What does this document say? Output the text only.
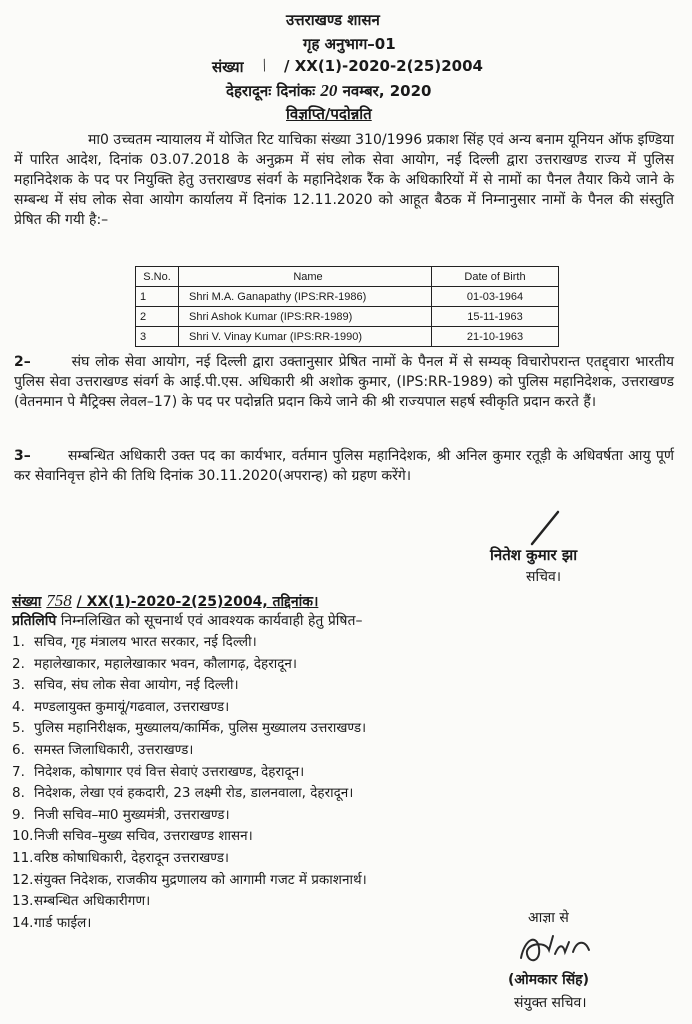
उत्तराखण्ड शासन
गृह अनुभाग–01
संख्या / / XX(1)-2020-2(25)2004
देहरादूनः दिनांकः 20 नवम्बर, 2020
विज्ञप्ति/पदोन्नति
मा0 उच्चतम न्यायालय में योजित रिट याचिका संख्या 310/1996 प्रकाश सिंह एवं अन्य बनाम यूनियन ऑफ इण्डिया में पारित आदेश, दिनांक 03.07.2018 के अनुक्रम में संघ लोक सेवा आयोग, नई दिल्ली द्वारा उत्तराखण्ड राज्य में पुलिस महानिदेशक के पद पर नियुक्ति हेतु उत्तराखण्ड संवर्ग के महानिदेशक रैंक के अधिकारियों में से नामों का पैनल तैयार किये जाने के सम्बन्ध में संघ लोक सेवा आयोग कार्यालय में दिनांक 12.11.2020 को आहूत बैठक में निम्नानुसार नामों के पैनल की संस्तुति प्रेषित की गयी है:–
S.No.	Name	Date of Birth
1	Shri M.A. Ganapathy (IPS:RR-1986)	01-03-1964
2	Shri Ashok Kumar (IPS:RR-1989)	15-11-1963
3	Shri V. Vinay Kumar (IPS:RR-1990)	21-10-1963
2–	संघ लोक सेवा आयोग, नई दिल्ली द्वारा उक्तानुसार प्रेषित नामों के पैनल में से सम्यक् विचारोपरान्त एतद्द्वारा भारतीय पुलिस सेवा उत्तराखण्ड संवर्ग के आई.पी.एस. अधिकारी श्री अशोक कुमार, (IPS:RR-1989) को पुलिस महानिदेशक, उत्तराखण्ड (वेतनमान पे मैट्रिक्स लेवल–17) के पद पर पदोन्नति प्रदान किये जाने की श्री राज्यपाल सहर्ष स्वीकृति प्रदान करते हैं।
3–	सम्बन्धित अधिकारी उक्त पद का कार्यभार, वर्तमान पुलिस महानिदेशक, श्री अनिल कुमार रतूड़ी के अधिवर्षता आयु पूर्ण कर सेवानिवृत्त होने की तिथि दिनांक 30.11.2020(अपरान्ह) को ग्रहण करेंगे।
नितेश कुमार झा
सचिव।
संख्या 758 / XX(1)-2020-2(25)2004, तद्दिनांक।
प्रतिलिपि निम्नलिखित को सूचनार्थ एवं आवश्यक कार्यवाही हेतु प्रेषित–
1. सचिव, गृह मंत्रालय भारत सरकार, नई दिल्ली।
2. महालेखाकार, महालेखाकार भवन, कौलागढ़, देहरादून।
3. सचिव, संघ लोक सेवा आयोग, नई दिल्ली।
4. मण्डलायुक्त कुमायूं/गढवाल, उत्तराखण्ड।
5. पुलिस महानिरीक्षक, मुख्यालय/कार्मिक, पुलिस मुख्यालय उत्तराखण्ड।
6. समस्त जिलाधिकारी, उत्तराखण्ड।
7. निदेशक, कोषागार एवं वित्त सेवाएं उत्तराखण्ड, देहरादून।
8. निदेशक, लेखा एवं हकदारी, 23 लक्ष्मी रोड, डालनवाला, देहरादून।
9. निजी सचिव–मा0 मुख्यमंत्री, उत्तराखण्ड।
10.निजी सचिव–मुख्य सचिव, उत्तराखण्ड शासन।
11.वरिष्ठ कोषाधिकारी, देहरादून उत्तराखण्ड।
12.संयुक्त निदेशक, राजकीय मुद्रणालय को आगामी गजट में प्रकाशनार्थ।
13.सम्बन्धित अधिकारीगण।
14.गार्ड फाईल।	आज्ञा से
(ओमकार सिंह)
संयुक्त सचिव।
